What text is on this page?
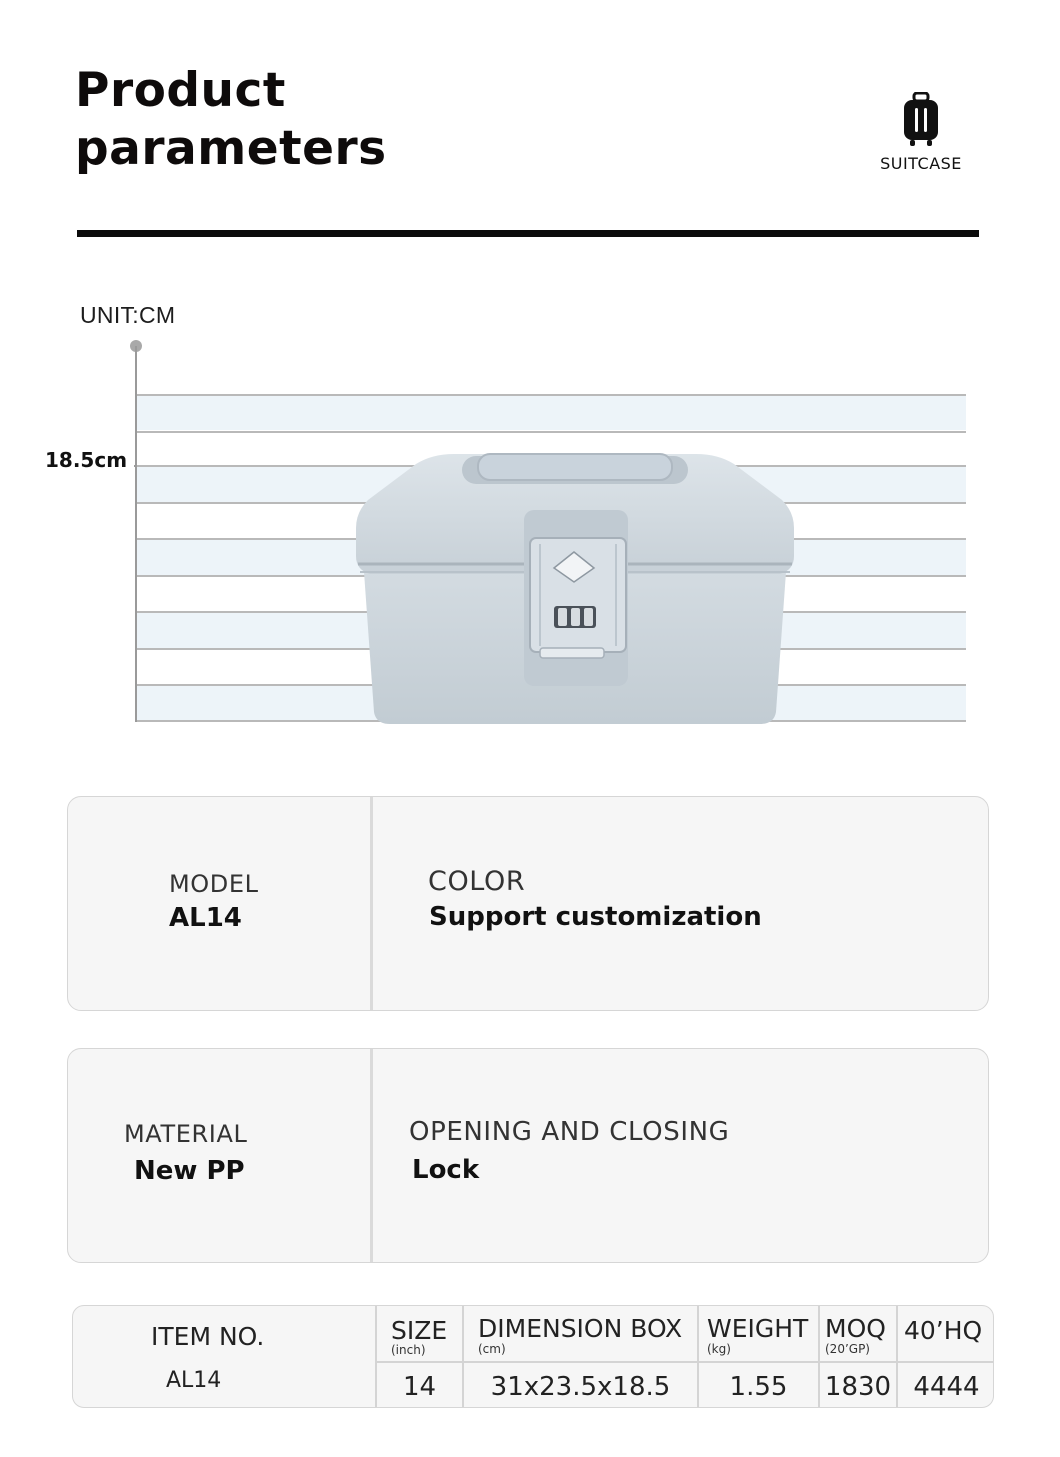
Product
parameters	SUITCASE
UNIT:CM
18.5cm
MODEL
AL14
COLOR
Support customization
MATERIAL
New PP
OPENING AND CLOSING
Lock
ITEM NO.
AL14
SIZE
(inch)
14
DIMENSION BOX
(cm)
31x23.5x18.5
WEIGHT
(kg)
1.55
MOQ
(20’GP)
1830
40’HQ
4444
